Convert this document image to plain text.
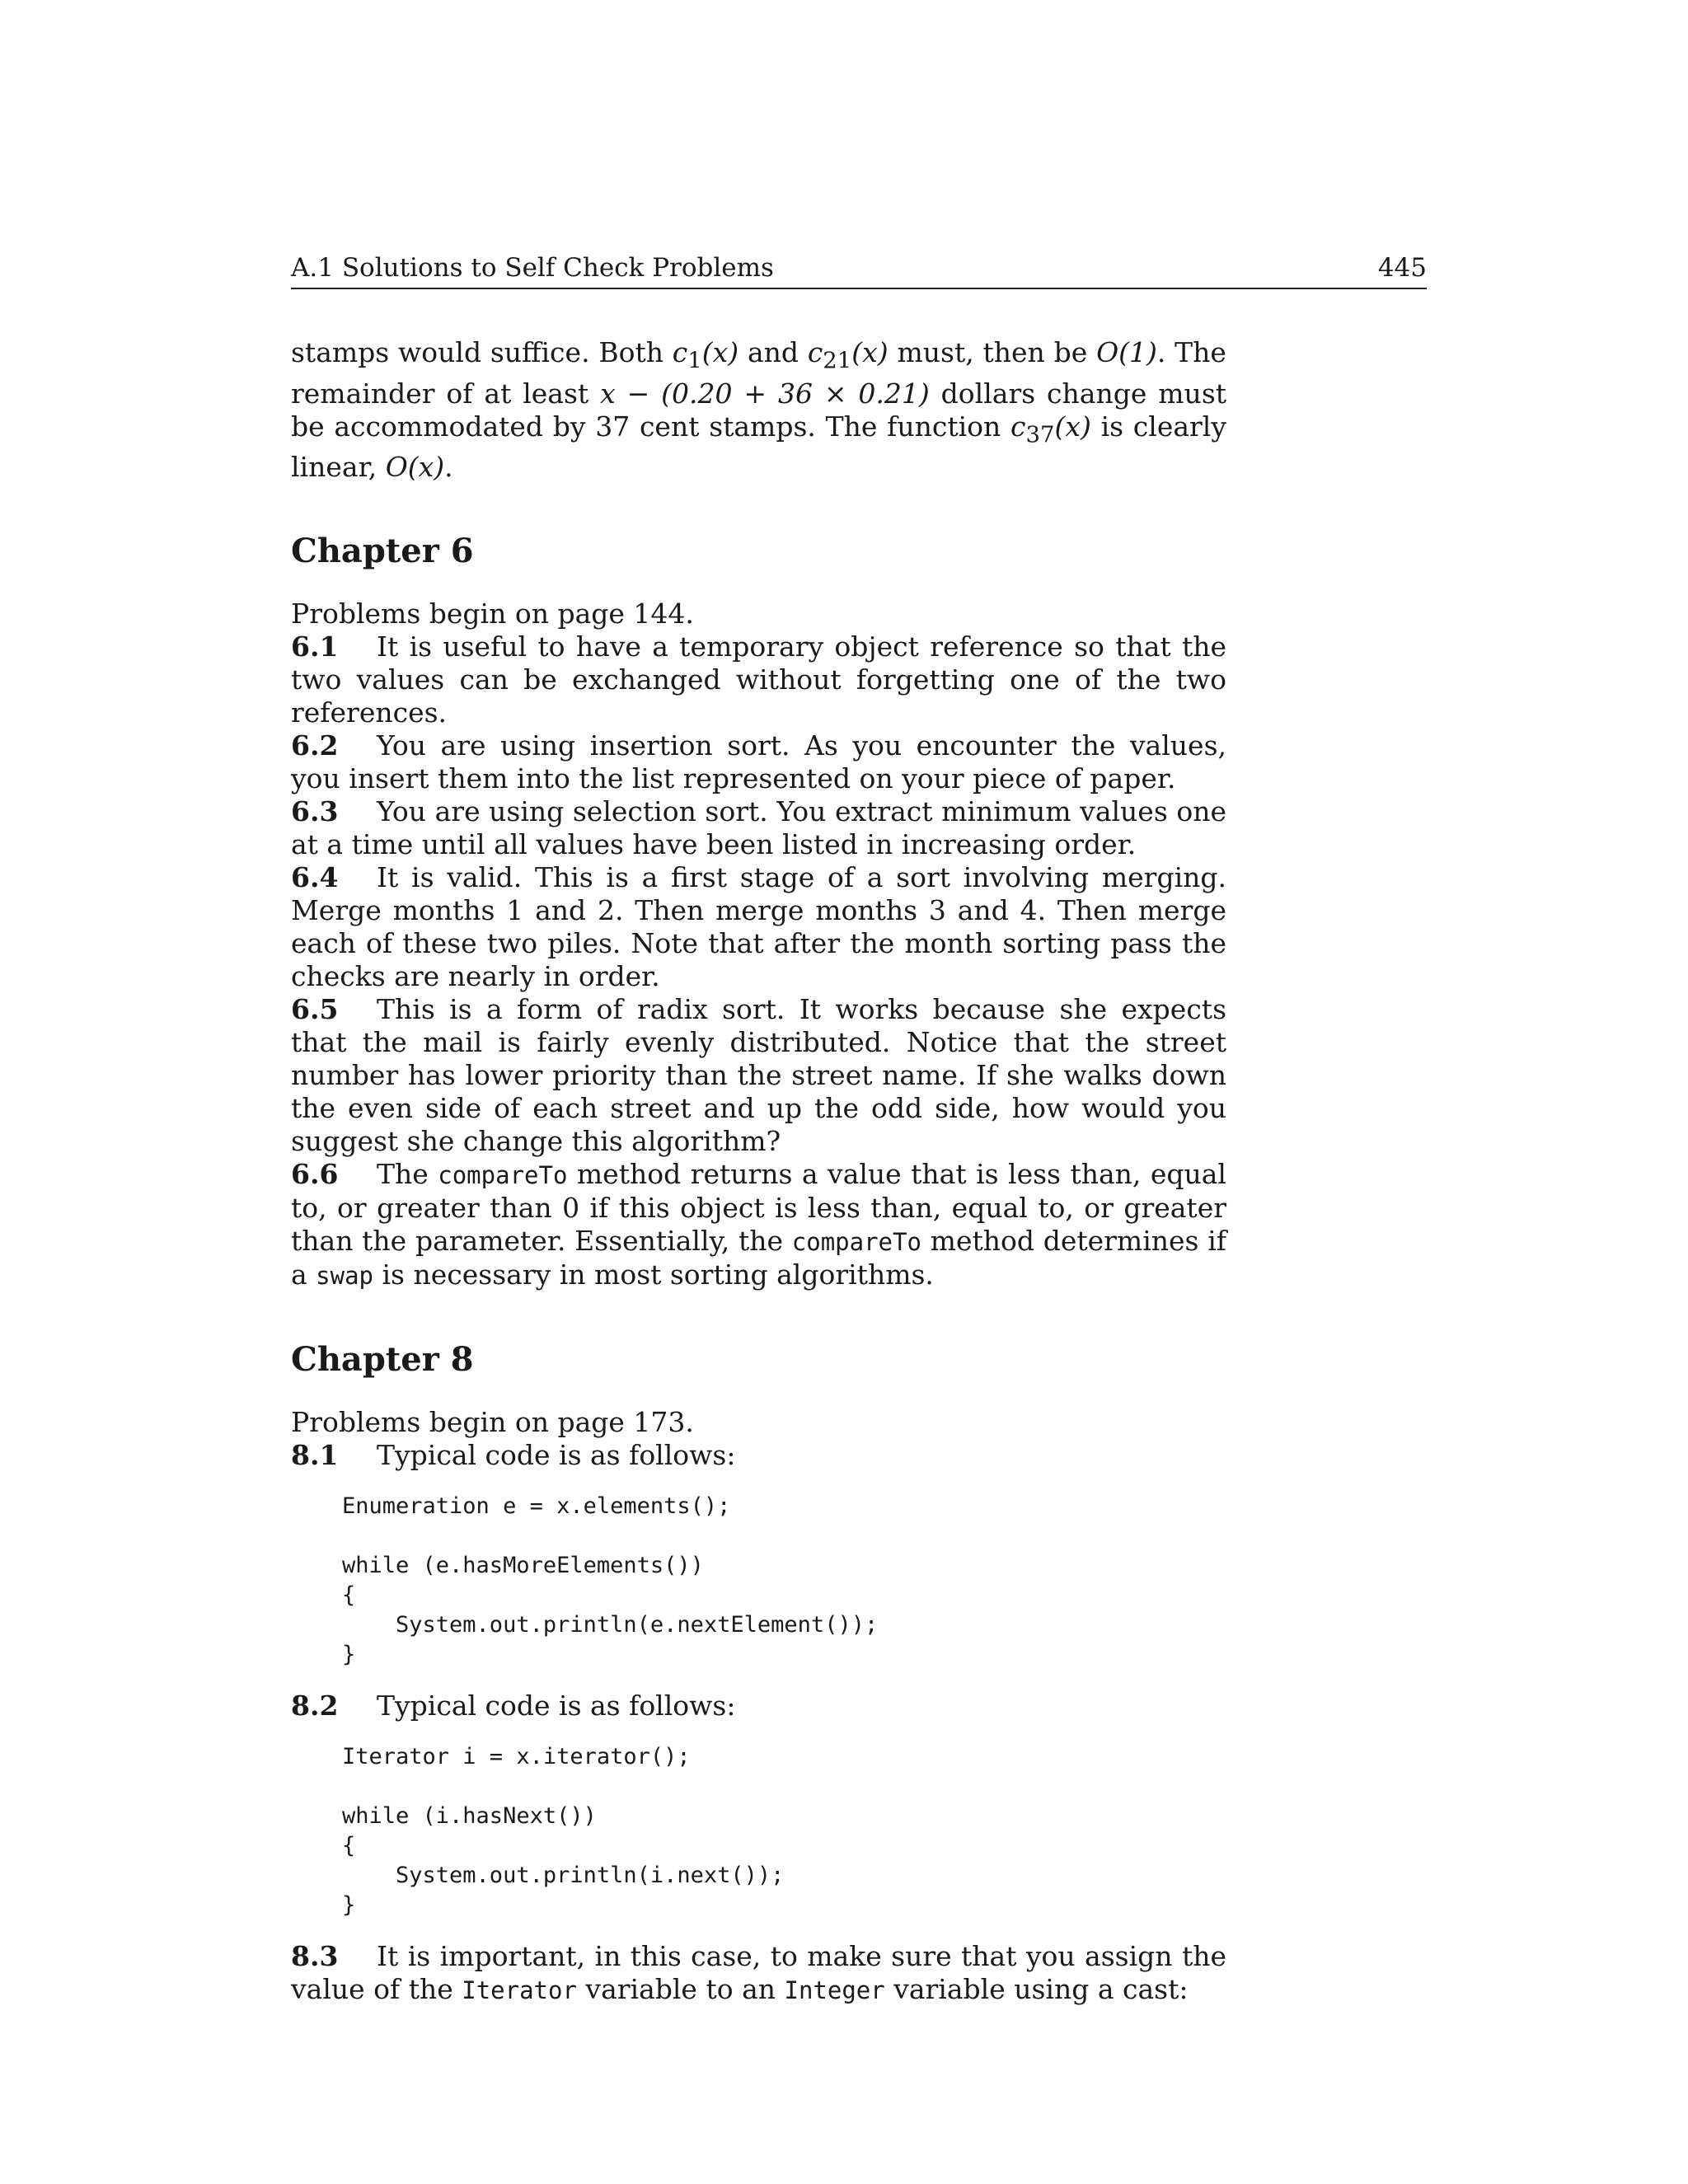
A.1 Solutions to Self Check Problems	445

stamps would suffice. Both $c_1(x)$ and $c_{21}(x)$ must, then be O(1). The remainder of at least x − (0.20 + 36 × 0.21) dollars change must be accommodated by 37 cent stamps. The function $c_{37}(x)$ is clearly linear, O(x).

Chapter 6

Problems begin on page 144.

6.1 It is useful to have a temporary object reference so that the two values can be exchanged without forgetting one of the two references.

6.2 You are using insertion sort. As you encounter the values, you insert them into the list represented on your piece of paper.

6.3 You are using selection sort. You extract minimum values one at a time until all values have been listed in increasing order.

6.4 It is valid. This is a first stage of a sort involving merging. Merge months 1 and 2. Then merge months 3 and 4. Then merge each of these two piles. Note that after the month sorting pass the checks are nearly in order.

6.5 This is a form of radix sort. It works because she expects that the mail is fairly evenly distributed. Notice that the street number has lower priority than the street name. If she walks down the even side of each street and up the odd side, how would you suggest she change this algorithm?

6.6 The compareTo method returns a value that is less than, equal to, or greater than 0 if this object is less than, equal to, or greater than the parameter. Essentially, the compareTo method determines if a swap is necessary in most sorting algorithms.

Chapter 8

Problems begin on page 173.

8.1 Typical code is as follows:

Enumeration e = x.elements();
while (e.hasMoreElements())
{
System.out.println(e.nextElement());
}

8.2 Typical code is as follows:

Iterator i = x.iterator();
while (i.hasNext())
{
System.out.println(i.next());
}

8.3 It is important, in this case, to make sure that you assign the value of the Iterator variable to an Integer variable using a cast:
